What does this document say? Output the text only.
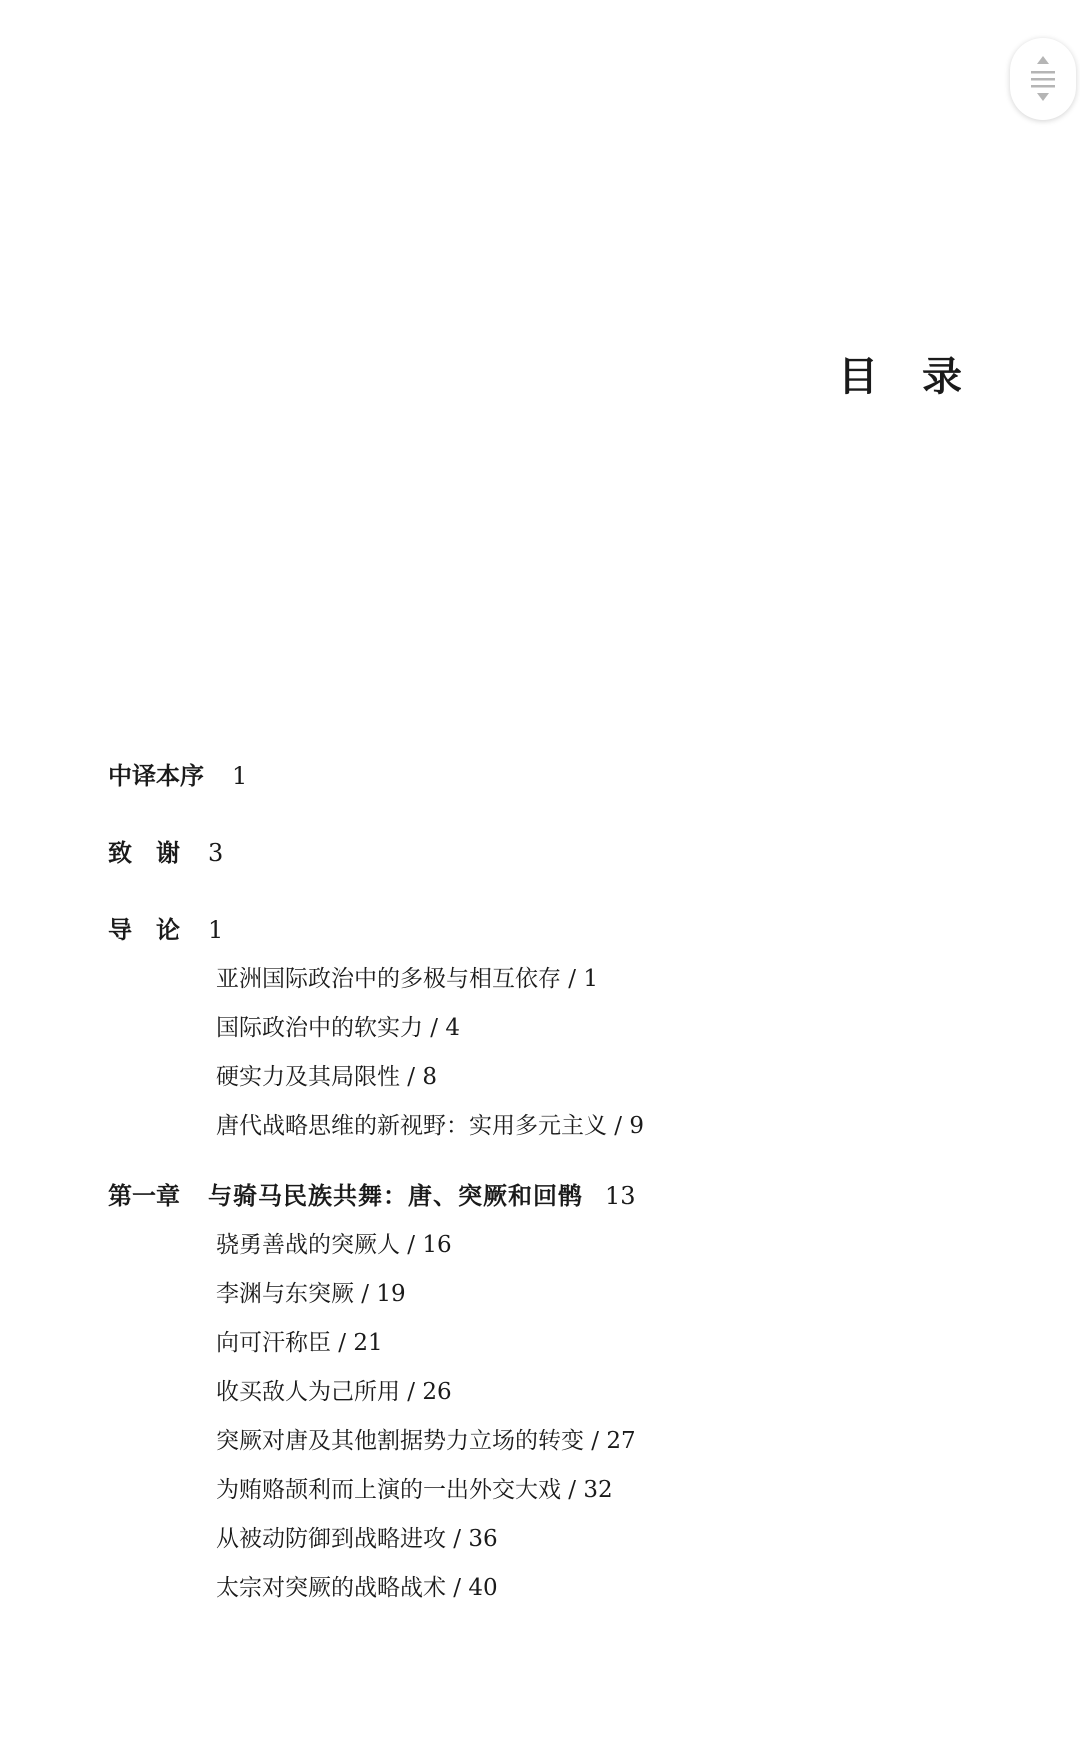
目 录
中译本序 1
致　谢 3
导　论 1
亚洲国际政治中的多极与相互依存 / 1
国际政治中的软实力 / 4
硬实力及其局限性 / 8
唐代战略思维的新视野：实用多元主义 / 9
第一章 与骑马民族共舞：唐、突厥和回鹘 13
骁勇善战的突厥人 / 16
李渊与东突厥 / 19
向可汗称臣 / 21
收买敌人为己所用 / 26
突厥对唐及其他割据势力立场的转变 / 27
为贿赂颉利而上演的一出外交大戏 / 32
从被动防御到战略进攻 / 36
太宗对突厥的战略战术 / 40
